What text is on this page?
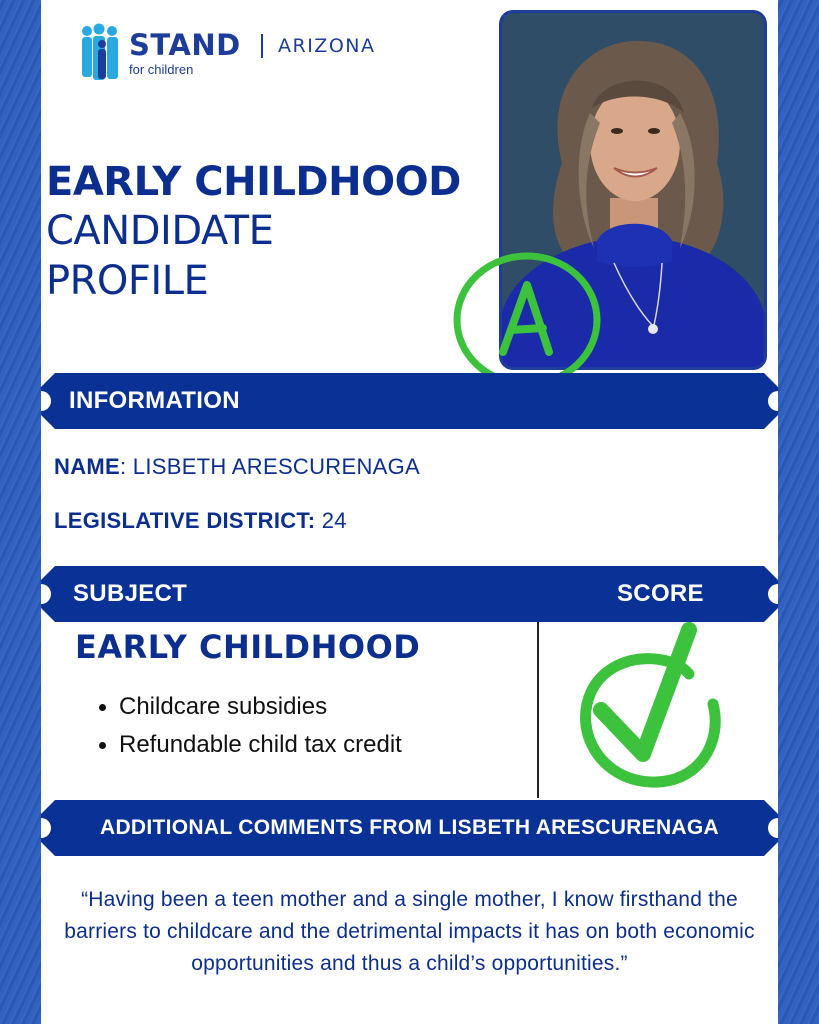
STAND
for children
ARIZONA
EARLY CHILDHOOD
CANDIDATE
PROFILE
INFORMATION
NAME: LISBETH ARESCURENAGA
LEGISLATIVE DISTRICT: 24
SUBJECT	SCORE
EARLY CHILDHOOD
Childcare subsidies
Refundable child tax credit
ADDITIONAL COMMENTS FROM LISBETH ARESCURENAGA
“Having been a teen mother and a single mother, I know firsthand the barriers to childcare and the detrimental impacts it has on both economic opportunities and thus a child’s opportunities.”
